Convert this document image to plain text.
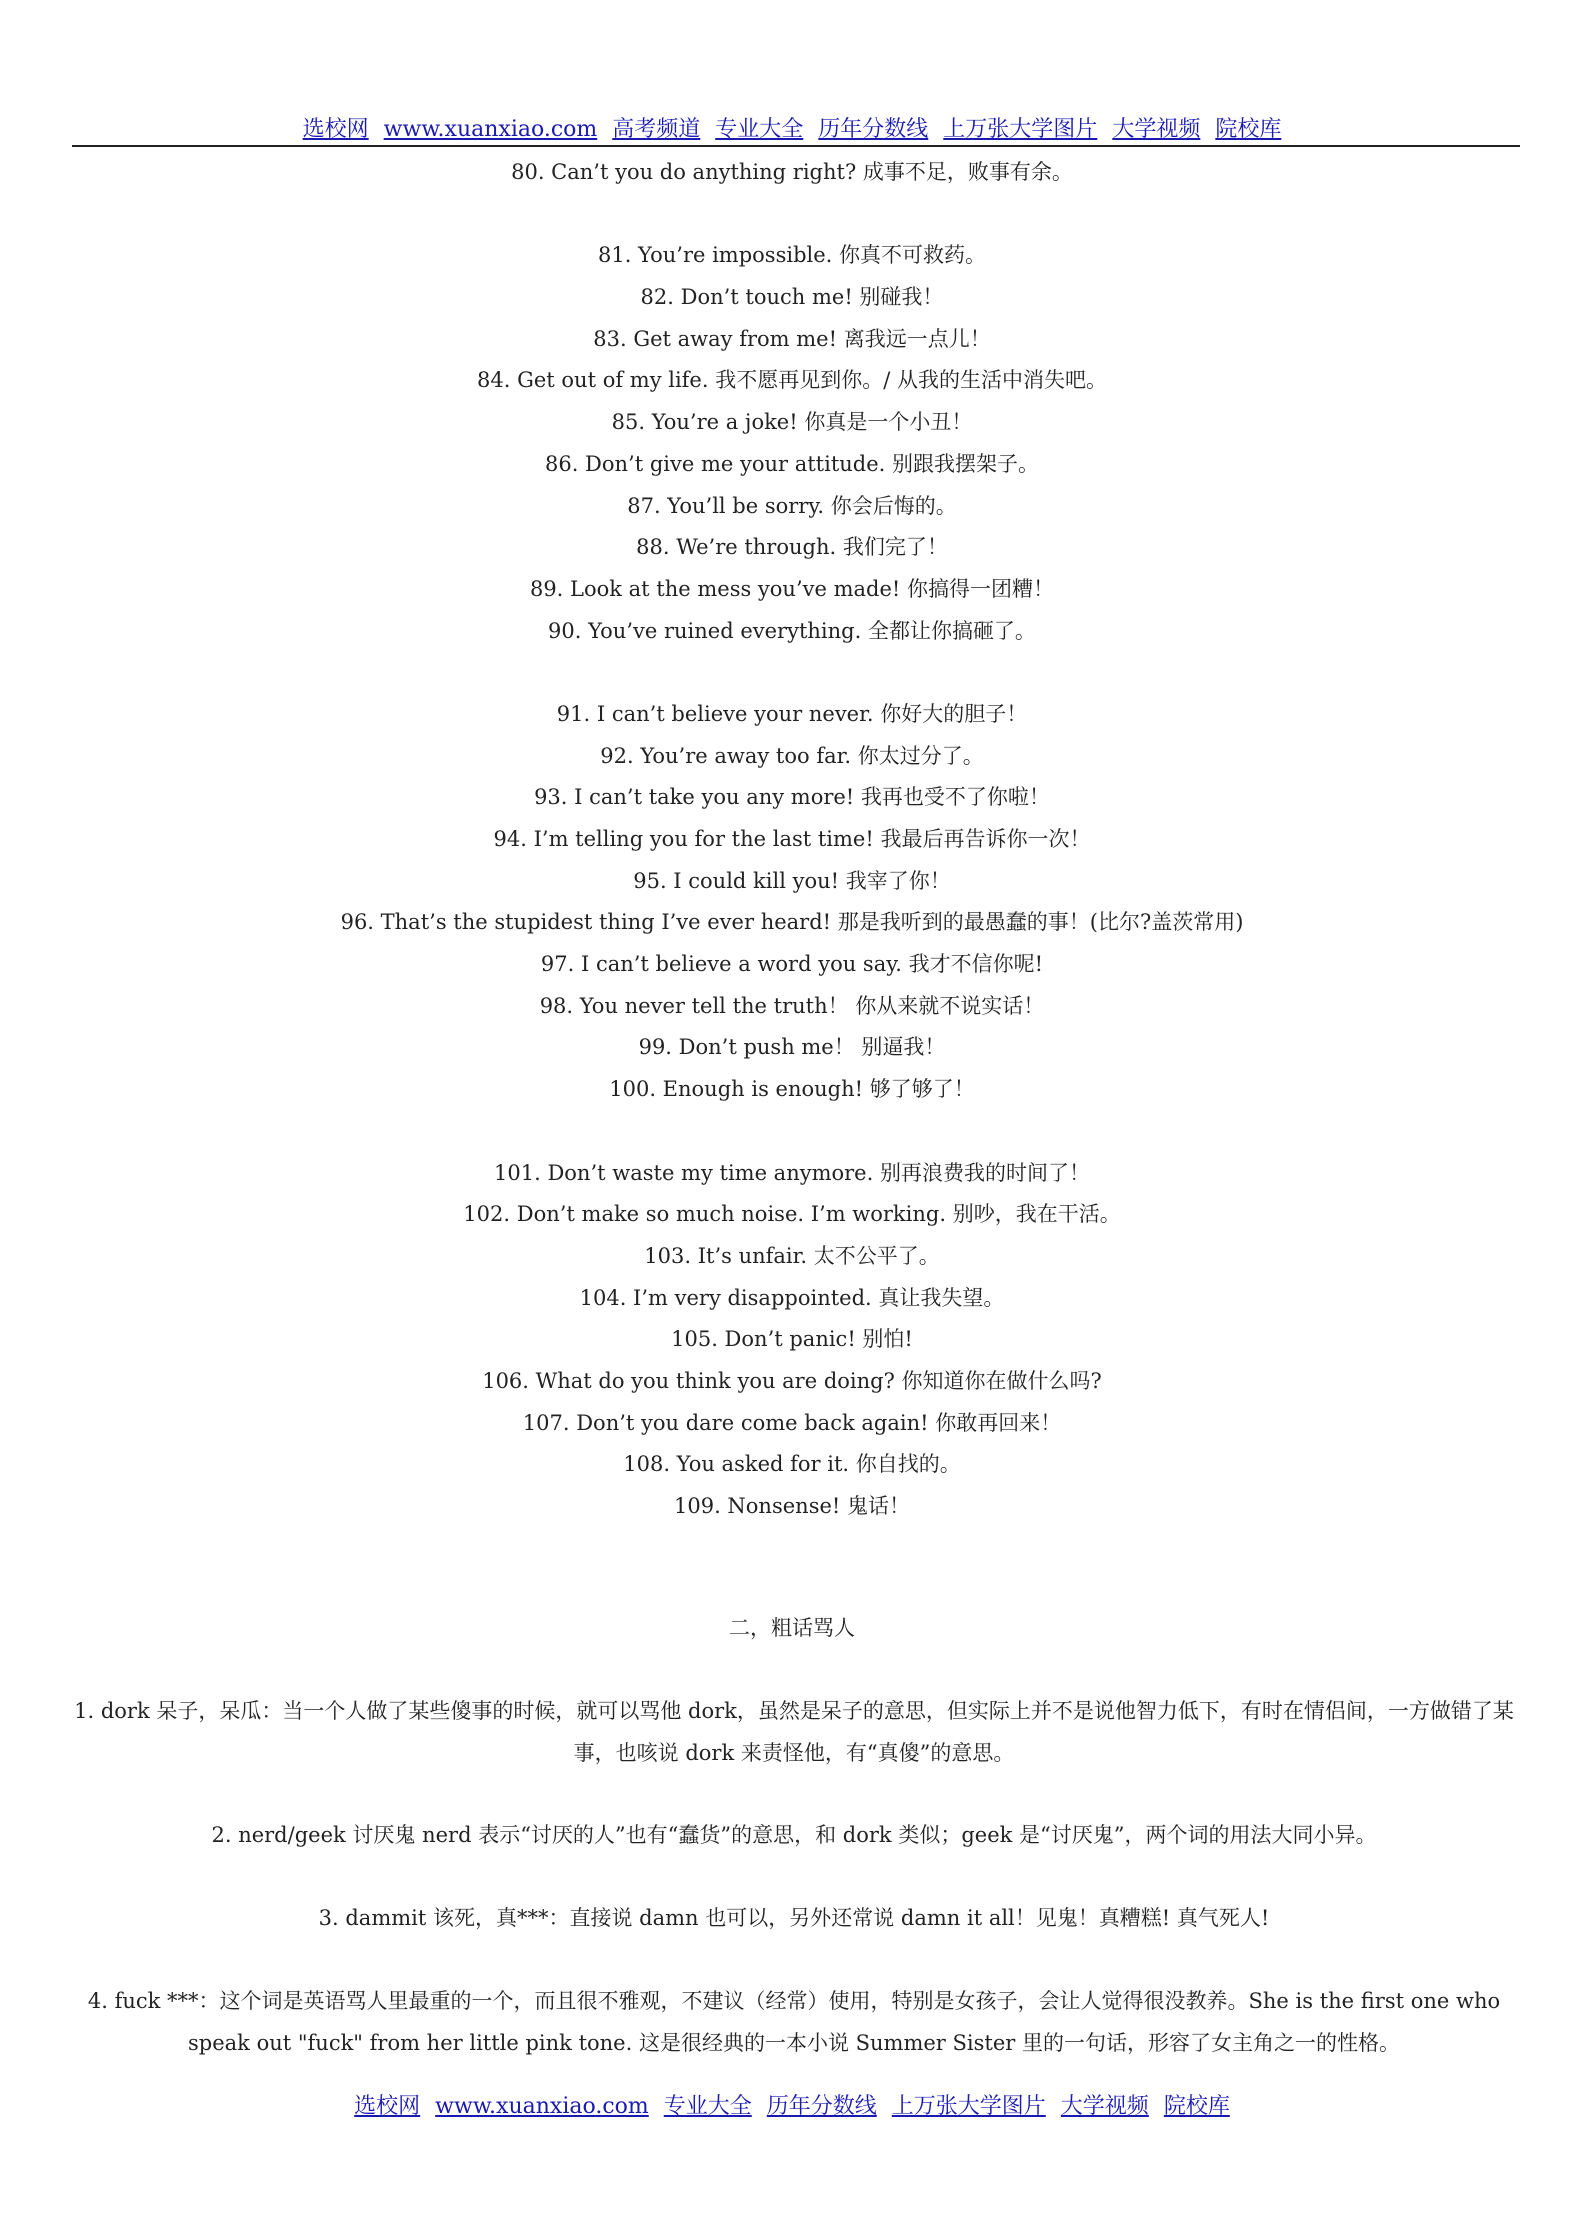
选校网 www.xuanxiao.com 高考频道 专业大全 历年分数线 上万张大学图片 大学视频 院校库
80. Can’t you do anything right? 成事不足，败事有余。
81. You’re impossible. 你真不可救药。
82. Don’t touch me! 别碰我！
83. Get away from me! 离我远一点儿！
84. Get out of my life. 我不愿再见到你。/ 从我的生活中消失吧。
85. You’re a joke! 你真是一个小丑！
86. Don’t give me your attitude. 别跟我摆架子。
87. You’ll be sorry. 你会后悔的。
88. We’re through. 我们完了！
89. Look at the mess you’ve made! 你搞得一团糟！
90. You’ve ruined everything. 全都让你搞砸了。
91. I can’t believe your never. 你好大的胆子！
92. You’re away too far. 你太过分了。
93. I can’t take you any more! 我再也受不了你啦！
94. I’m telling you for the last time! 我最后再告诉你一次！
95. I could kill you! 我宰了你！
96. That’s the stupidest thing I’ve ever heard! 那是我听到的最愚蠢的事！(比尔?盖茨常用)
97. I can’t believe a word you say. 我才不信你呢!
98. You never tell the truth！ 你从来就不说实话！
99. Don’t push me！ 别逼我！
100. Enough is enough! 够了够了！
101. Don’t waste my time anymore. 别再浪费我的时间了！
102. Don’t make so much noise. I’m working. 别吵，我在干活。
103. It’s unfair. 太不公平了。
104. I’m very disappointed. 真让我失望。
105. Don’t panic! 别怕!
106. What do you think you are doing? 你知道你在做什么吗?
107. Don’t you dare come back again! 你敢再回来！
108. You asked for it. 你自找的。
109. Nonsense! 鬼话！
二，粗话骂人
1. dork 呆子，呆瓜：当一个人做了某些傻事的时候，就可以骂他 dork，虽然是呆子的意思，但实际上并不是说他智力低下，有时在情侣间，一方做错了某事，也咳说 dork 来责怪他，有“真傻”的意思。
2. nerd/geek 讨厌鬼 nerd 表示“讨厌的人”也有“蠢货”的意思，和 dork 类似；geek 是“讨厌鬼”，两个词的用法大同小异。
3. dammit 该死，真***：直接说 damn 也可以，另外还常说 damn it all！见鬼！真糟糕! 真气死人!
4. fuck ***：这个词是英语骂人里最重的一个，而且很不雅观，不建议（经常）使用，特别是女孩子，会让人觉得很没教养。She is the first one who speak out "fuck" from her little pink tone. 这是很经典的一本小说 Summer Sister 里的一句话，形容了女主角之一的性格。
选校网 www.xuanxiao.com 专业大全 历年分数线 上万张大学图片 大学视频 院校库
